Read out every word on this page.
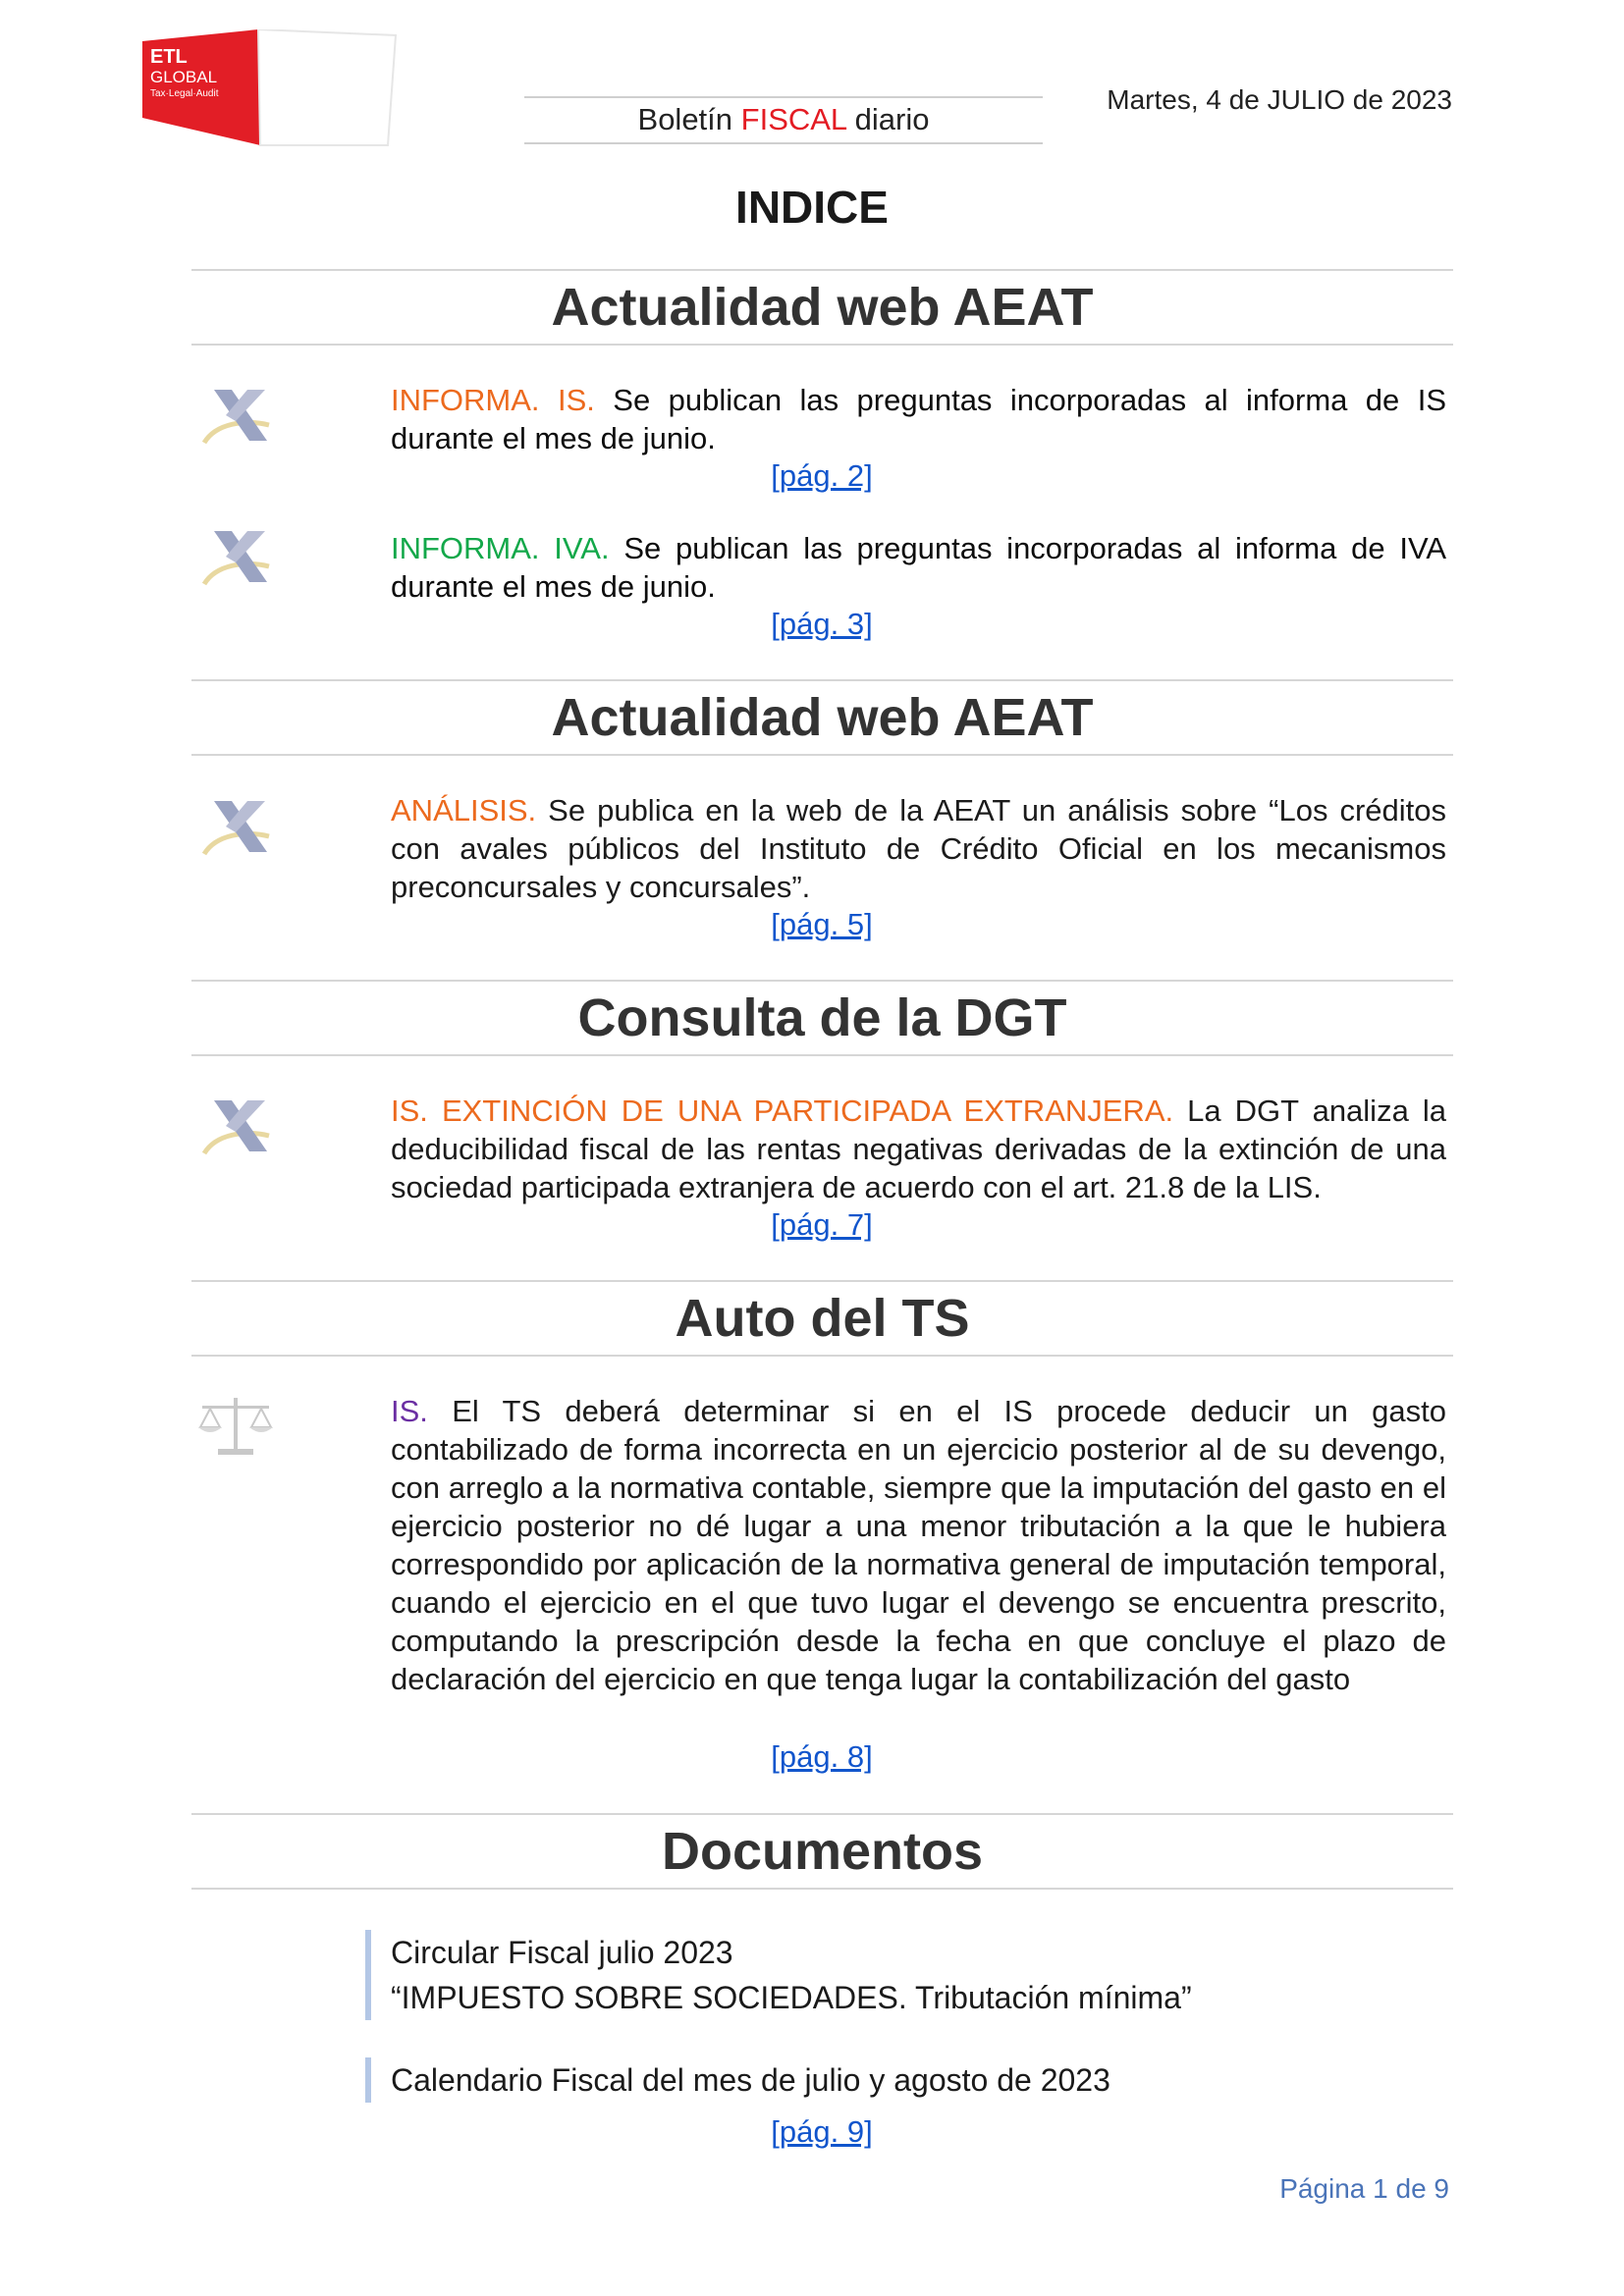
ETL
GLOBAL
Tax·Legal·Audit
Boletín FISCAL diario
Martes, 4 de JULIO de 2023
INDICE
Actualidad web AEAT
INFORMA. IS. Se publican las preguntas incorporadas al informa de IS durante el mes de junio.
[pág. 2]
INFORMA. IVA. Se publican las preguntas incorporadas al informa de IVA durante el mes de junio.
[pág. 3]
Actualidad web AEAT
ANÁLISIS. Se publica en la web de la AEAT un análisis sobre “Los créditos con avales públicos del Instituto de Crédito Oficial en los mecanismos preconcursales y concursales”.
[pág. 5]
Consulta de la DGT
IS. EXTINCIÓN DE UNA PARTICIPADA EXTRANJERA. La DGT analiza la deducibilidad fiscal de las rentas negativas derivadas de la extinción de una sociedad participada extranjera de acuerdo con el art. 21.8 de la LIS.
[pág. 7]
Auto del TS
IS. El TS deberá determinar si en el IS procede deducir un gasto contabilizado de forma incorrecta en un ejercicio posterior al de su devengo, con arreglo a la normativa contable, siempre que la imputación del gasto en el ejercicio posterior no dé lugar a una menor tributación a la que le hubiera correspondido por aplicación de la normativa general de imputación temporal, cuando el ejercicio en el que tuvo lugar el devengo se encuentra prescrito, computando la prescripción desde la fecha en que concluye el plazo de declaración del ejercicio en que tenga lugar la contabilización del gasto
[pág. 8]
Documentos
Circular Fiscal julio 2023
“IMPUESTO SOBRE SOCIEDADES. Tributación mínima”
Calendario Fiscal del mes de julio y agosto de 2023
[pág. 9]
Página 1 de 9
